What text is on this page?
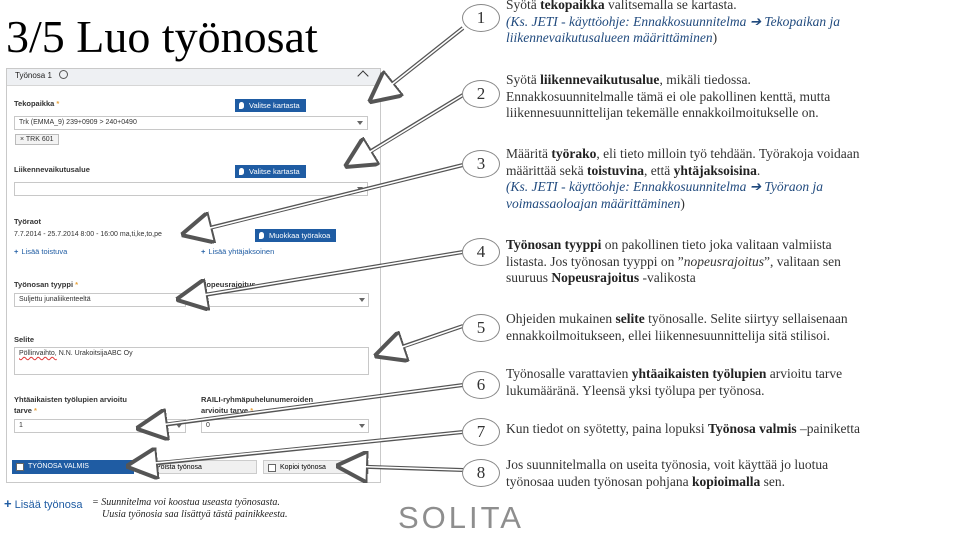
3/5 Luo työnosat
Työnosa 1
Tekopaikka *	Valitse kartasta
Trk (EMMA_9) 239+0909 > 240+0490
× TRK 601
Liikennevaikutusalue	Valitse kartasta
Työraot
7.7.2014 - 25.7.2014 8:00 - 16:00 ma,ti,ke,to,pe	Muokkaa työrakoa
+ Lisää toistuva	+ Lisää yhtäjaksoinen
Työnosan tyyppi *
Suljettu junaliikenteeltä
Nopeusrajoitus
Selite
Pöllinvaihto, N.N. UrakoitsijaABC Oy
Yhtäaikaisten työlupien arvioitu
tarve *
1
RAILI-ryhmäpuhelunumeroiden
arvioitu tarve *
0
TYÖNOSA VALMIS	Poista työnosa	Kopioi työnosa
+ Lisää työnosa = Suunnitelma voi koostua useasta työnosasta.
Uusia työnosia saa lisättyä tästä painikkeesta.
1
2
3
4
5
6
7
8
Syötä tekopaikka valitsemalla se kartasta.
(Ks. JETI - käyttöohje: Ennakkosuunnitelma ➔ Tekopaikan ja
liikennevaikutusalueen määrittäminen)
Syötä liikennevaikutusalue, mikäli tiedossa.
Ennakkosuunnitelmalle tämä ei ole pakollinen kenttä, mutta
liikennesuunnittelijan tekemälle ennakkoilmoitukselle on.
Määritä työrako, eli tieto milloin työ tehdään. Työrakoja voidaan
määrittää sekä toistuvina, että yhtäjaksoisina.
(Ks. JETI - käyttöohje: Ennakkosuunnitelma ➔ Työraon ja
voimassaoloajan määrittäminen)
Työnosan tyyppi on pakollinen tieto joka valitaan valmiista
listasta. Jos työnosan tyyppi on ”nopeusrajoitus”, valitaan sen
suuruus Nopeusrajoitus -valikosta
Ohjeiden mukainen selite työnosalle. Selite siirtyy sellaisenaan
ennakkoilmoitukseen, ellei liikennesuunnittelija sitä stilisoi.
Työnosalle varattavien yhtäaikaisten työlupien arvioitu tarve
lukumääränä. Yleensä yksi työlupa per työnosa.
Kun tiedot on syötetty, paina lopuksi Työnosa valmis –painiketta
Jos suunnitelmalla on useita työnosia, voit käyttää jo luotua
työnosaa uuden työnosan pohjana kopioimalla sen.
SOLITA
